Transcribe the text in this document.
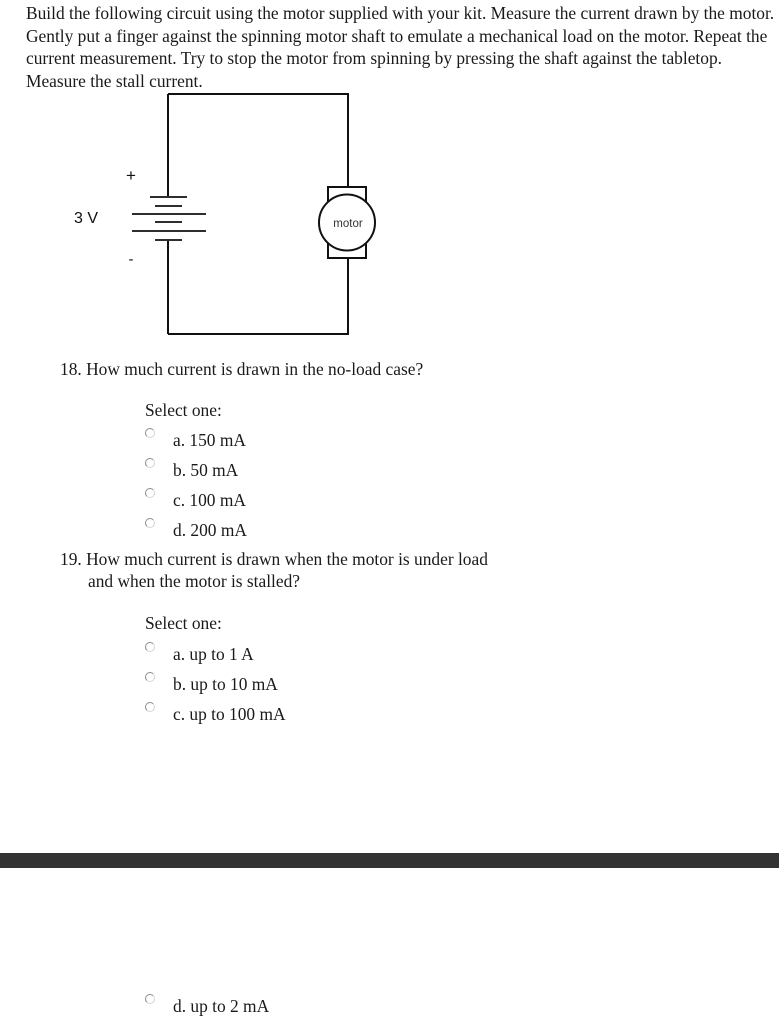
Build the following circuit using the motor supplied with your kit. Measure the current drawn by the motor. Gently put a finger against the spinning motor shaft to emulate a mechanical load on the motor. Repeat the current measurement. Try to stop the motor from spinning by pressing the shaft against the tabletop. Measure the stall current.

motor
+
-
3 V

18. How much current is drawn in the no-load case?

Select one:
a. 150 mA
b. 50 mA
c. 100 mA
d. 200 mA

19. How much current is drawn when the motor is under load
and when the motor is stalled?

Select one:
a. up to 1 A
b. up to 10 mA
c. up to 100 mA
d. up to 2 mA
